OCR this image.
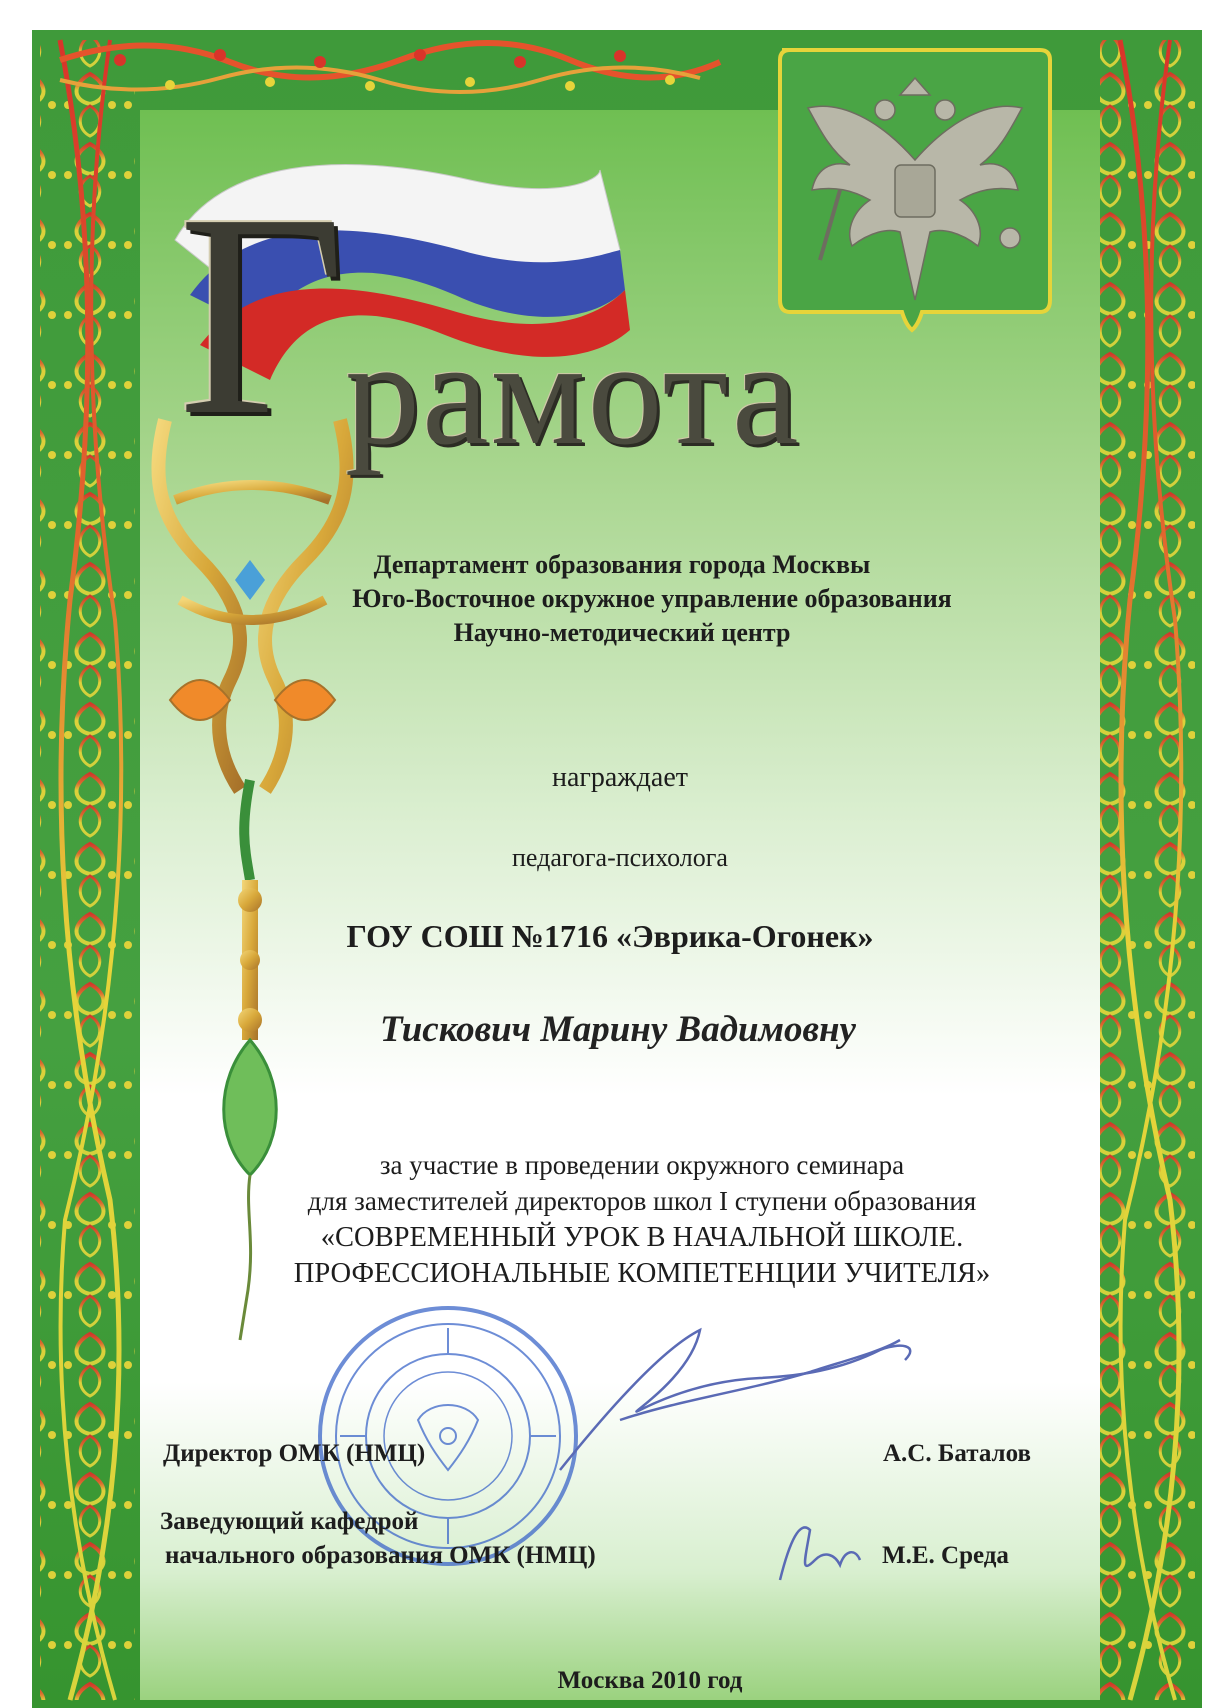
рамота
Г
Департамент образования города Москвы
Юго-Восточное окружное управление образования
Научно-методический центр
награждает
педагога-психолога
ГОУ СОШ №1716 «Эврика-Огонек»
Тискович Марину Вадимовну
за участие в проведении окружного семинара
для заместителей директоров школ I ступени образования
«СОВРЕМЕННЫЙ УРОК В НАЧАЛЬНОЙ ШКОЛЕ.
ПРОФЕССИОНАЛЬНЫЕ КОМПЕТЕНЦИИ УЧИТЕЛЯ»
Директор ОМК (НМЦ)	А.С. Баталов
Заведующий кафедрой
начального образования ОМК (НМЦ)	М.Е. Среда
Москва 2010 год
